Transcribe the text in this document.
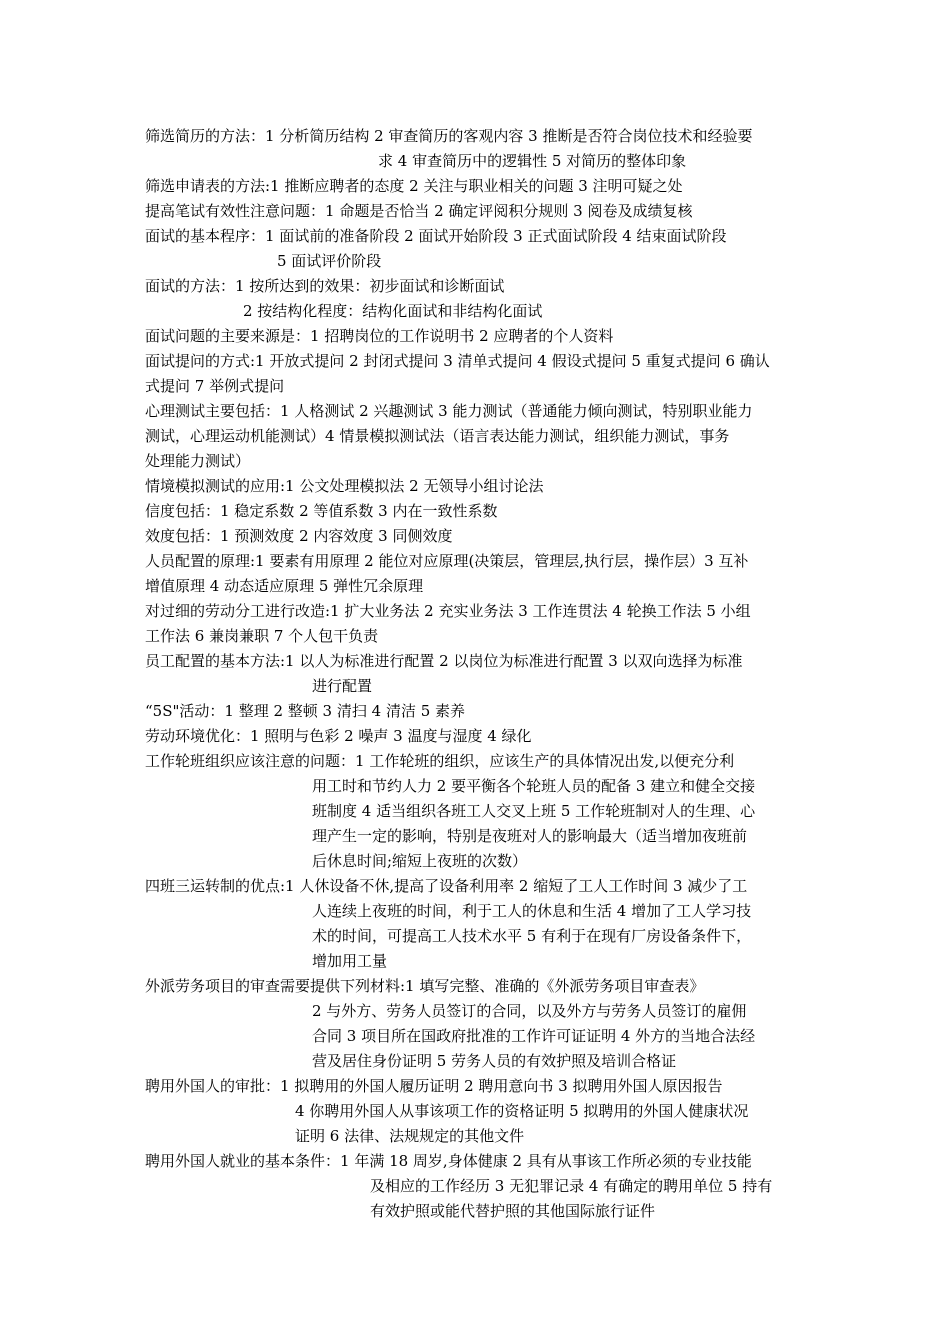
筛选简历的方法：1 分析简历结构 2 审查简历的客观内容 3 推断是否符合岗位技术和经验要
求 4 审查简历中的逻辑性 5 对简历的整体印象
筛选申请表的方法:1 推断应聘者的态度 2 关注与职业相关的问题 3 注明可疑之处
提高笔试有效性注意问题：1 命题是否恰当 2 确定评阅积分规则 3 阅卷及成绩复核
面试的基本程序：1 面试前的准备阶段 2 面试开始阶段 3 正式面试阶段 4 结束面试阶段
5 面试评价阶段
面试的方法：1 按所达到的效果：初步面试和诊断面试
2 按结构化程度：结构化面试和非结构化面试
面试问题的主要来源是：1 招聘岗位的工作说明书 2 应聘者的个人资料
面试提问的方式:1 开放式提问 2 封闭式提问 3 清单式提问 4 假设式提问 5 重复式提问 6 确认
式提问 7 举例式提问
心理测试主要包括：1 人格测试 2 兴趣测试 3 能力测试（普通能力倾向测试，特别职业能力
测试，心理运动机能测试）4 情景模拟测试法（语言表达能力测试，组织能力测试，事务
处理能力测试）
情境模拟测试的应用:1 公文处理模拟法 2 无领导小组讨论法
信度包括：1 稳定系数 2 等值系数 3 内在一致性系数
效度包括：1 预测效度 2 内容效度 3 同侧效度
人员配置的原理:1 要素有用原理 2 能位对应原理(决策层，管理层,执行层，操作层）3 互补
增值原理 4 动态适应原理 5 弹性冗余原理
对过细的劳动分工进行改造:1 扩大业务法 2 充实业务法 3 工作连贯法 4 轮换工作法 5 小组
工作法 6 兼岗兼职 7 个人包干负责
员工配置的基本方法:1 以人为标准进行配置 2 以岗位为标准进行配置 3 以双向选择为标准
进行配置
“5S"活动：1 整理 2 整顿 3 清扫 4 清洁 5 素养
劳动环境优化：1 照明与色彩 2 噪声 3 温度与湿度 4 绿化
工作轮班组织应该注意的问题：1 工作轮班的组织，应该生产的具体情况出发,以便充分利
用工时和节约人力 2 要平衡各个轮班人员的配备 3 建立和健全交接
班制度 4 适当组织各班工人交叉上班 5 工作轮班制对人的生理、心
理产生一定的影响，特别是夜班对人的影响最大（适当增加夜班前
后休息时间;缩短上夜班的次数）
四班三运转制的优点:1 人休设备不休,提高了设备利用率 2 缩短了工人工作时间 3 减少了工
人连续上夜班的时间，利于工人的休息和生活 4 增加了工人学习技
术的时间，可提高工人技术水平 5 有利于在现有厂房设备条件下，
增加用工量
外派劳务项目的审查需要提供下列材料:1 填写完整、准确的《外派劳务项目审查表》
2 与外方、劳务人员签订的合同，以及外方与劳务人员签订的雇佣
合同 3 项目所在国政府批准的工作许可证证明 4 外方的当地合法经
营及居住身份证明 5 劳务人员的有效护照及培训合格证
聘用外国人的审批：1 拟聘用的外国人履历证明 2 聘用意向书 3 拟聘用外国人原因报告
4 你聘用外国人从事该项工作的资格证明 5 拟聘用的外国人健康状况
证明 6 法律、法规规定的其他文件
聘用外国人就业的基本条件：1 年满 18 周岁,身体健康 2 具有从事该工作所必须的专业技能
及相应的工作经历 3 无犯罪记录 4 有确定的聘用单位 5 持有
有效护照或能代替护照的其他国际旅行证件
